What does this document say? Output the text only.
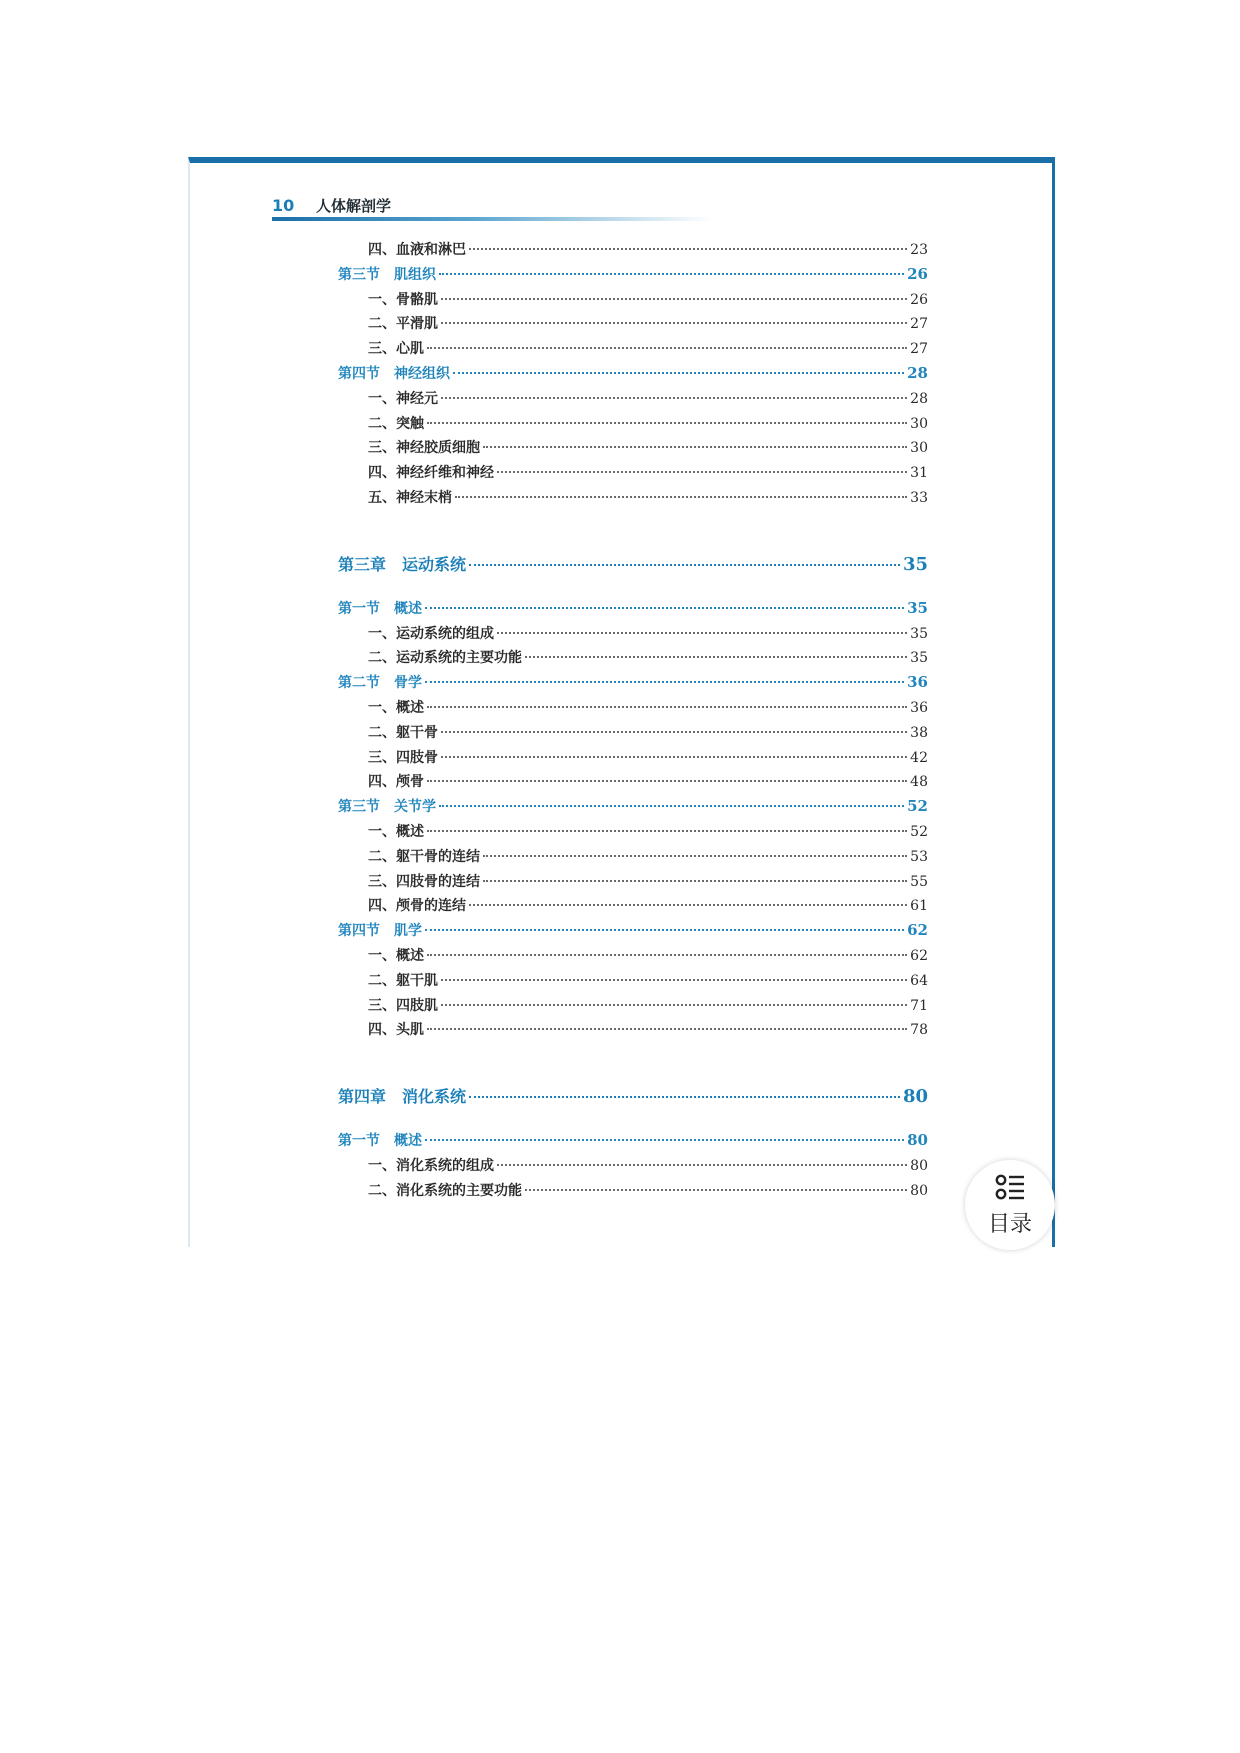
10	人体解剖学
四、血液和淋巴	23
第三节 肌组织	26
一、骨骼肌	26
二、平滑肌	27
三、心肌	27
第四节 神经组织	28
一、神经元	28
二、突触	30
三、神经胶质细胞	30
四、神经纤维和神经	31
五、神经末梢	33
第三章 运动系统	35
第一节 概述	35
一、运动系统的组成	35
二、运动系统的主要功能	35
第二节 骨学	36
一、概述	36
二、躯干骨	38
三、四肢骨	42
四、颅骨	48
第三节 关节学	52
一、概述	52
二、躯干骨的连结	53
三、四肢骨的连结	55
四、颅骨的连结	61
第四节 肌学	62
一、概述	62
二、躯干肌	64
三、四肢肌	71
四、头肌	78
第四章 消化系统	80
第一节 概述	80
一、消化系统的组成	80
二、消化系统的主要功能	80
目录
